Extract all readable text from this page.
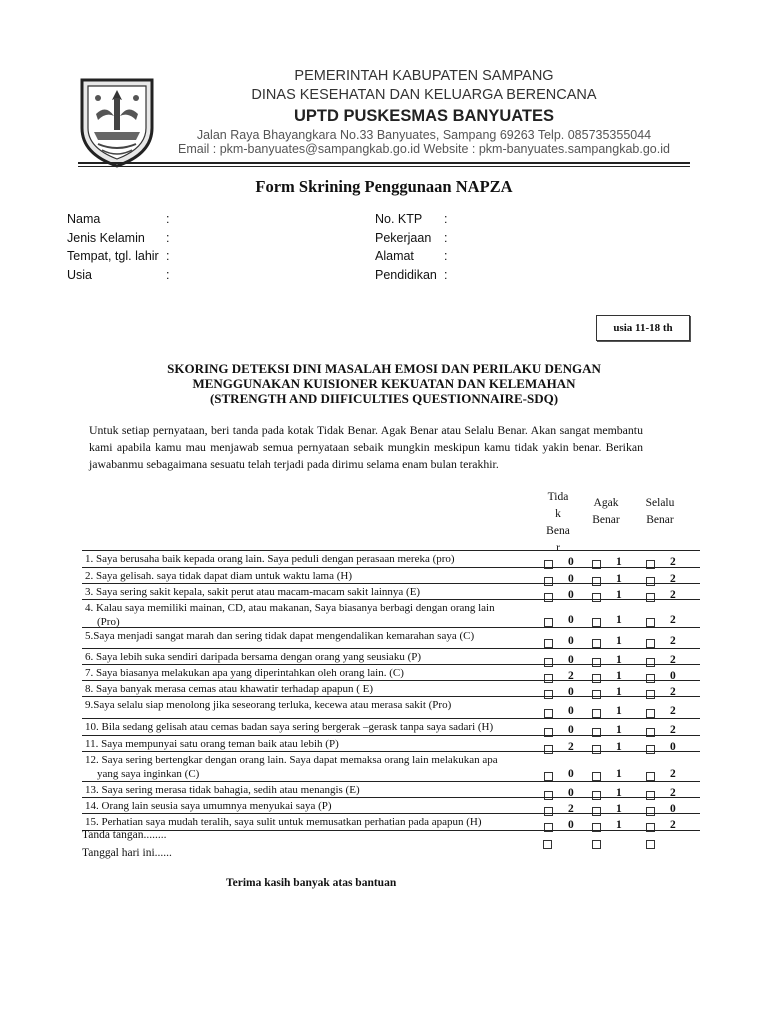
PEMERINTAH KABUPATEN SAMPANG
DINAS KESEHATAN DAN KELUARGA BERENCANA
UPTD PUSKESMAS BANYUATES
Jalan Raya Bhayangkara No.33 Banyuates, Sampang 69263 Telp. 085735355044
Email : pkm-banyuates@sampangkab.go.id Website : pkm-banyuates.sampangkab.go.id
Form Skrining Penggunaan NAPZA
Nama	:
Jenis Kelamin :
Tempat, tgl. lahir :
Usia	:
No. KTP :
Pekerjaan :
Alamat :
Pendidikan :
usia 11-18 th
SKORING DETEKSI DINI MASALAH EMOSI DAN PERILAKU DENGAN
MENGGUNAKAN KUISIONER KEKUATAN DAN KELEMAHAN
(STRENGTH AND DIIFICULTIES QUESTIONNAIRE-SDQ)
Untuk setiap pernyataan, beri tanda pada kotak Tidak Benar. Agak Benar atau Selalu Benar. Akan sangat membantu kami apabila kamu mau menjawab semua pernyataan sebaik mungkin meskipun kamu tidak yakin benar. Berikan jawabanmu sebagaimana sesuatu telah terjadi pada dirimu selama enam bulan terakhir.
Tida
k
Bena
r
Agak
Benar
Selalu
Benar
1. Saya berusaha baik kepada orang lain. Saya peduli dengan perasaan mereka (pro)	0	1	2
2. Saya gelisah. saya tidak dapat diam untuk waktu lama (H)	0	1	2
3. Saya sering sakit kepala, sakit perut atau macam-macam sakit lainnya (E)	0	1	2
4. Kalau saya memiliki mainan, CD, atau makanan, Saya biasanya berbagi dengan orang lain
(Pro)	0	1	2
5.Saya menjadi sangat marah dan sering tidak dapat mengendalikan kemarahan saya (C)	0	1	2
6. Saya lebih suka sendiri daripada bersama dengan orang yang seusiaku (P)	0	1	2
7. Saya biasanya melakukan apa yang diperintahkan oleh orang lain. (C)	2	1	0
8. Saya banyak merasa cemas atau khawatir terhadap apapun ( E)	0	1	2
9.Saya selalu siap menolong jika seseorang terluka, kecewa atau merasa sakit (Pro)	0	1	2
10. Bila sedang gelisah atau cemas badan saya sering bergerak –gerask tanpa saya sadari (H)	0	1	2
11. Saya mempunyai satu orang teman baik atau lebih (P)	2	1	0
12. Saya sering bertengkar dengan orang lain. Saya dapat memaksa orang lain melakukan apa
yang saya inginkan (C)	0	1	2
13. Saya sering merasa tidak bahagia, sedih atau menangis (E)	0	1	2
14. Orang lain seusia saya umumnya menyukai saya (P)	2	1	0
15. Perhatian saya mudah teralih, saya sulit untuk memusatkan perhatian pada apapun (H)	0	1	2
Tanda tangan........
Tanggal hari ini......
Terima kasih banyak atas bantuan
